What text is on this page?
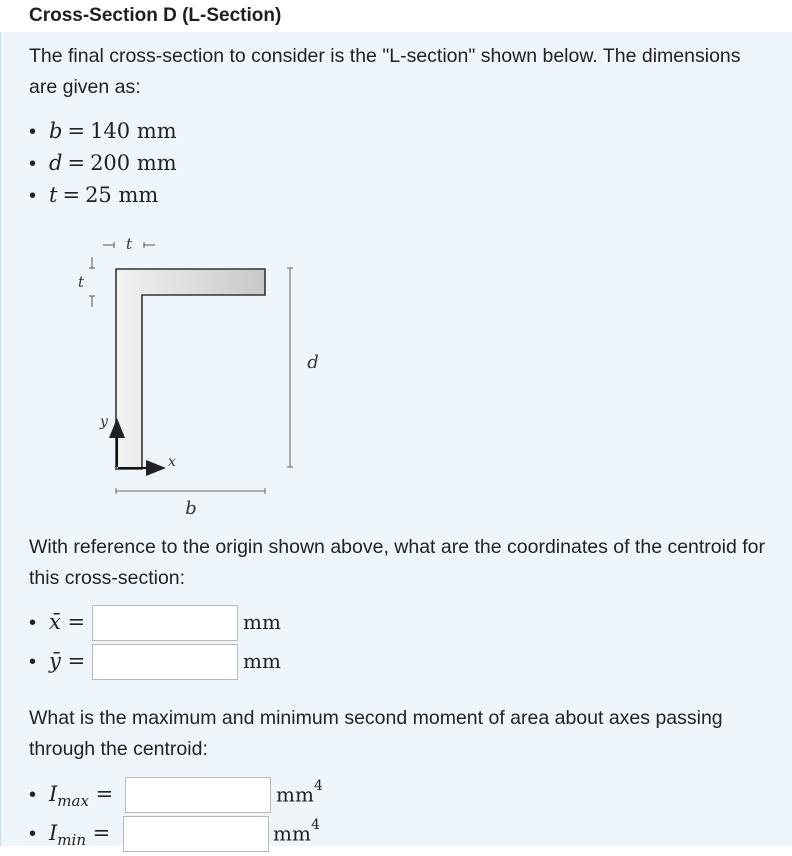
Cross-Section D (L-Section)
The final cross-section to consider is the "L-section" shown below. The dimensions are given as:
• b = 140 mm
• d = 200 mm
• t = 25 mm
t
t
d
b
x
y
With reference to the origin shown above, what are the coordinates of the centroid for this cross-section:
• x̄ =	mm
• ȳ =	mm
What is the maximum and minimum second moment of area about axes passing through the centroid:
• $I_{max}$ =	$mm^4$
• $I_{min}$ =	$mm^4$
